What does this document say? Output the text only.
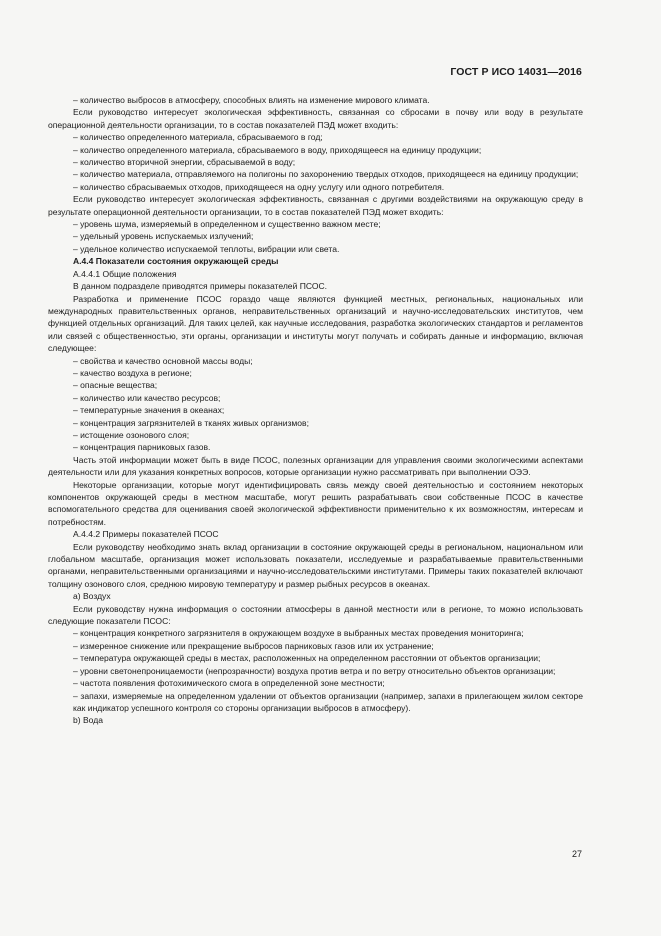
ГОСТ Р ИСО 14031—2016

– количество выбросов в атмосферу, способных влиять на изменение мирового климата.

Если руководство интересует экологическая эффективность, связанная со сбросами в почву или воду в результате операционной деятельности организации, то в состав показателей ПЭД может входить:

– количество определенного материала, сбрасываемого в год;

– количество определенного материала, сбрасываемого в воду, приходящееся на единицу продукции;

– количество вторичной энергии, сбрасываемой в воду;

– количество материала, отправляемого на полигоны по захоронению твердых отходов, приходящееся на единицу продукции;

– количество сбрасываемых отходов, приходящееся на одну услугу или одного потребителя.

Если руководство интересует экологическая эффективность, связанная с другими воздействиями на окружающую среду в результате операционной деятельности организации, то в состав показателей ПЭД может входить:

– уровень шума, измеряемый в определенном и существенно важном месте;

– удельный уровень испускаемых излучений;

– удельное количество испускаемой теплоты, вибрации или света.

А.4.4 Показатели состояния окружающей среды

А.4.4.1 Общие положения

В данном подразделе приводятся примеры показателей ПСОС.

Разработка и применение ПСОС гораздо чаще являются функцией местных, региональных, национальных или международных правительственных органов, неправительственных организаций и научно-исследовательских институтов, чем функцией отдельных организаций. Для таких целей, как научные исследования, разработка экологических стандартов и регламентов или связей с общественностью, эти органы, организации и институты могут получать и собирать данные и информацию, включая следующее:

– свойства и качество основной массы воды;

– качество воздуха в регионе;

– опасные вещества;

– количество или качество ресурсов;

– температурные значения в океанах;

– концентрация загрязнителей в тканях живых организмов;

– истощение озонового слоя;

– концентрация парниковых газов.

Часть этой информации может быть в виде ПСОС, полезных организации для управления своими экологическими аспектами деятельности или для указания конкретных вопросов, которые организации нужно рассматривать при выполнении ОЭЭ.

Некоторые организации, которые могут идентифицировать связь между своей деятельностью и состоянием некоторых компонентов окружающей среды в местном масштабе, могут решить разрабатывать свои собственные ПСОС в качестве вспомогательного средства для оценивания своей экологической эффективности применительно к их возможностям, интересам и потребностям.

А.4.4.2 Примеры показателей ПСОС

Если руководству необходимо знать вклад организации в состояние окружающей среды в региональном, национальном или глобальном масштабе, организация может использовать показатели, исследуемые и разрабатываемые правительственными органами, неправительственными организациями и научно-исследовательскими институтами. Примеры таких показателей включают толщину озонового слоя, среднюю мировую температуру и размер рыбных ресурсов в океанах.

a) Воздух

Если руководству нужна информация о состоянии атмосферы в данной местности или в регионе, то можно использовать следующие показатели ПСОС:

– концентрация конкретного загрязнителя в окружающем воздухе в выбранных местах проведения мониторинга;

– измеренное снижение или прекращение выбросов парниковых газов или их устранение;

– температура окружающей среды в местах, расположенных на определенном расстоянии от объектов организации;

– уровни светонепроницаемости (непрозрачности) воздуха против ветра и по ветру относительно объектов организации;

– частота появления фотохимического смога в определенной зоне местности;

– запахи, измеряемые на определенном удалении от объектов организации (например, запахи в прилегающем жилом секторе как индикатор успешного контроля со стороны организации выбросов в атмосферу).

b) Вода

27
